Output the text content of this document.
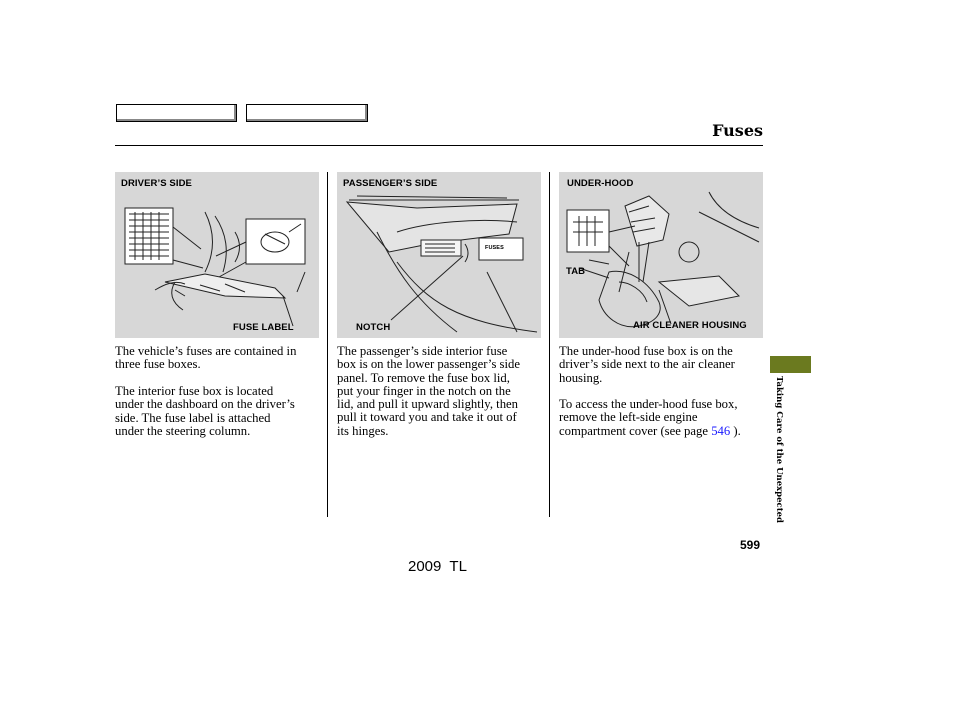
Fuses
DRIVER’S SIDE
FUSE LABEL
PASSENGER’S SIDE
FUSES
NOTCH
UNDER-HOOD
TAB
AIR CLEANER HOUSING
The vehicle’s fuses are contained in
three fuse boxes.
The interior fuse box is located
under the dashboard on the driver’s
side. The fuse label is attached
under the steering column.
The passenger’s side interior fuse
box is on the lower passenger’s side
panel. To remove the fuse box lid,
put your finger in the notch on the
lid, and pull it upward slightly, then
pull it toward you and take it out of
its hinges.
The under-hood fuse box is on the
driver’s side next to the air cleaner
housing.
To access the under-hood fuse box,
remove the left-side engine
compartment cover (see page 546 ).	Taking Care of the Unexpected
599
2009  TL
